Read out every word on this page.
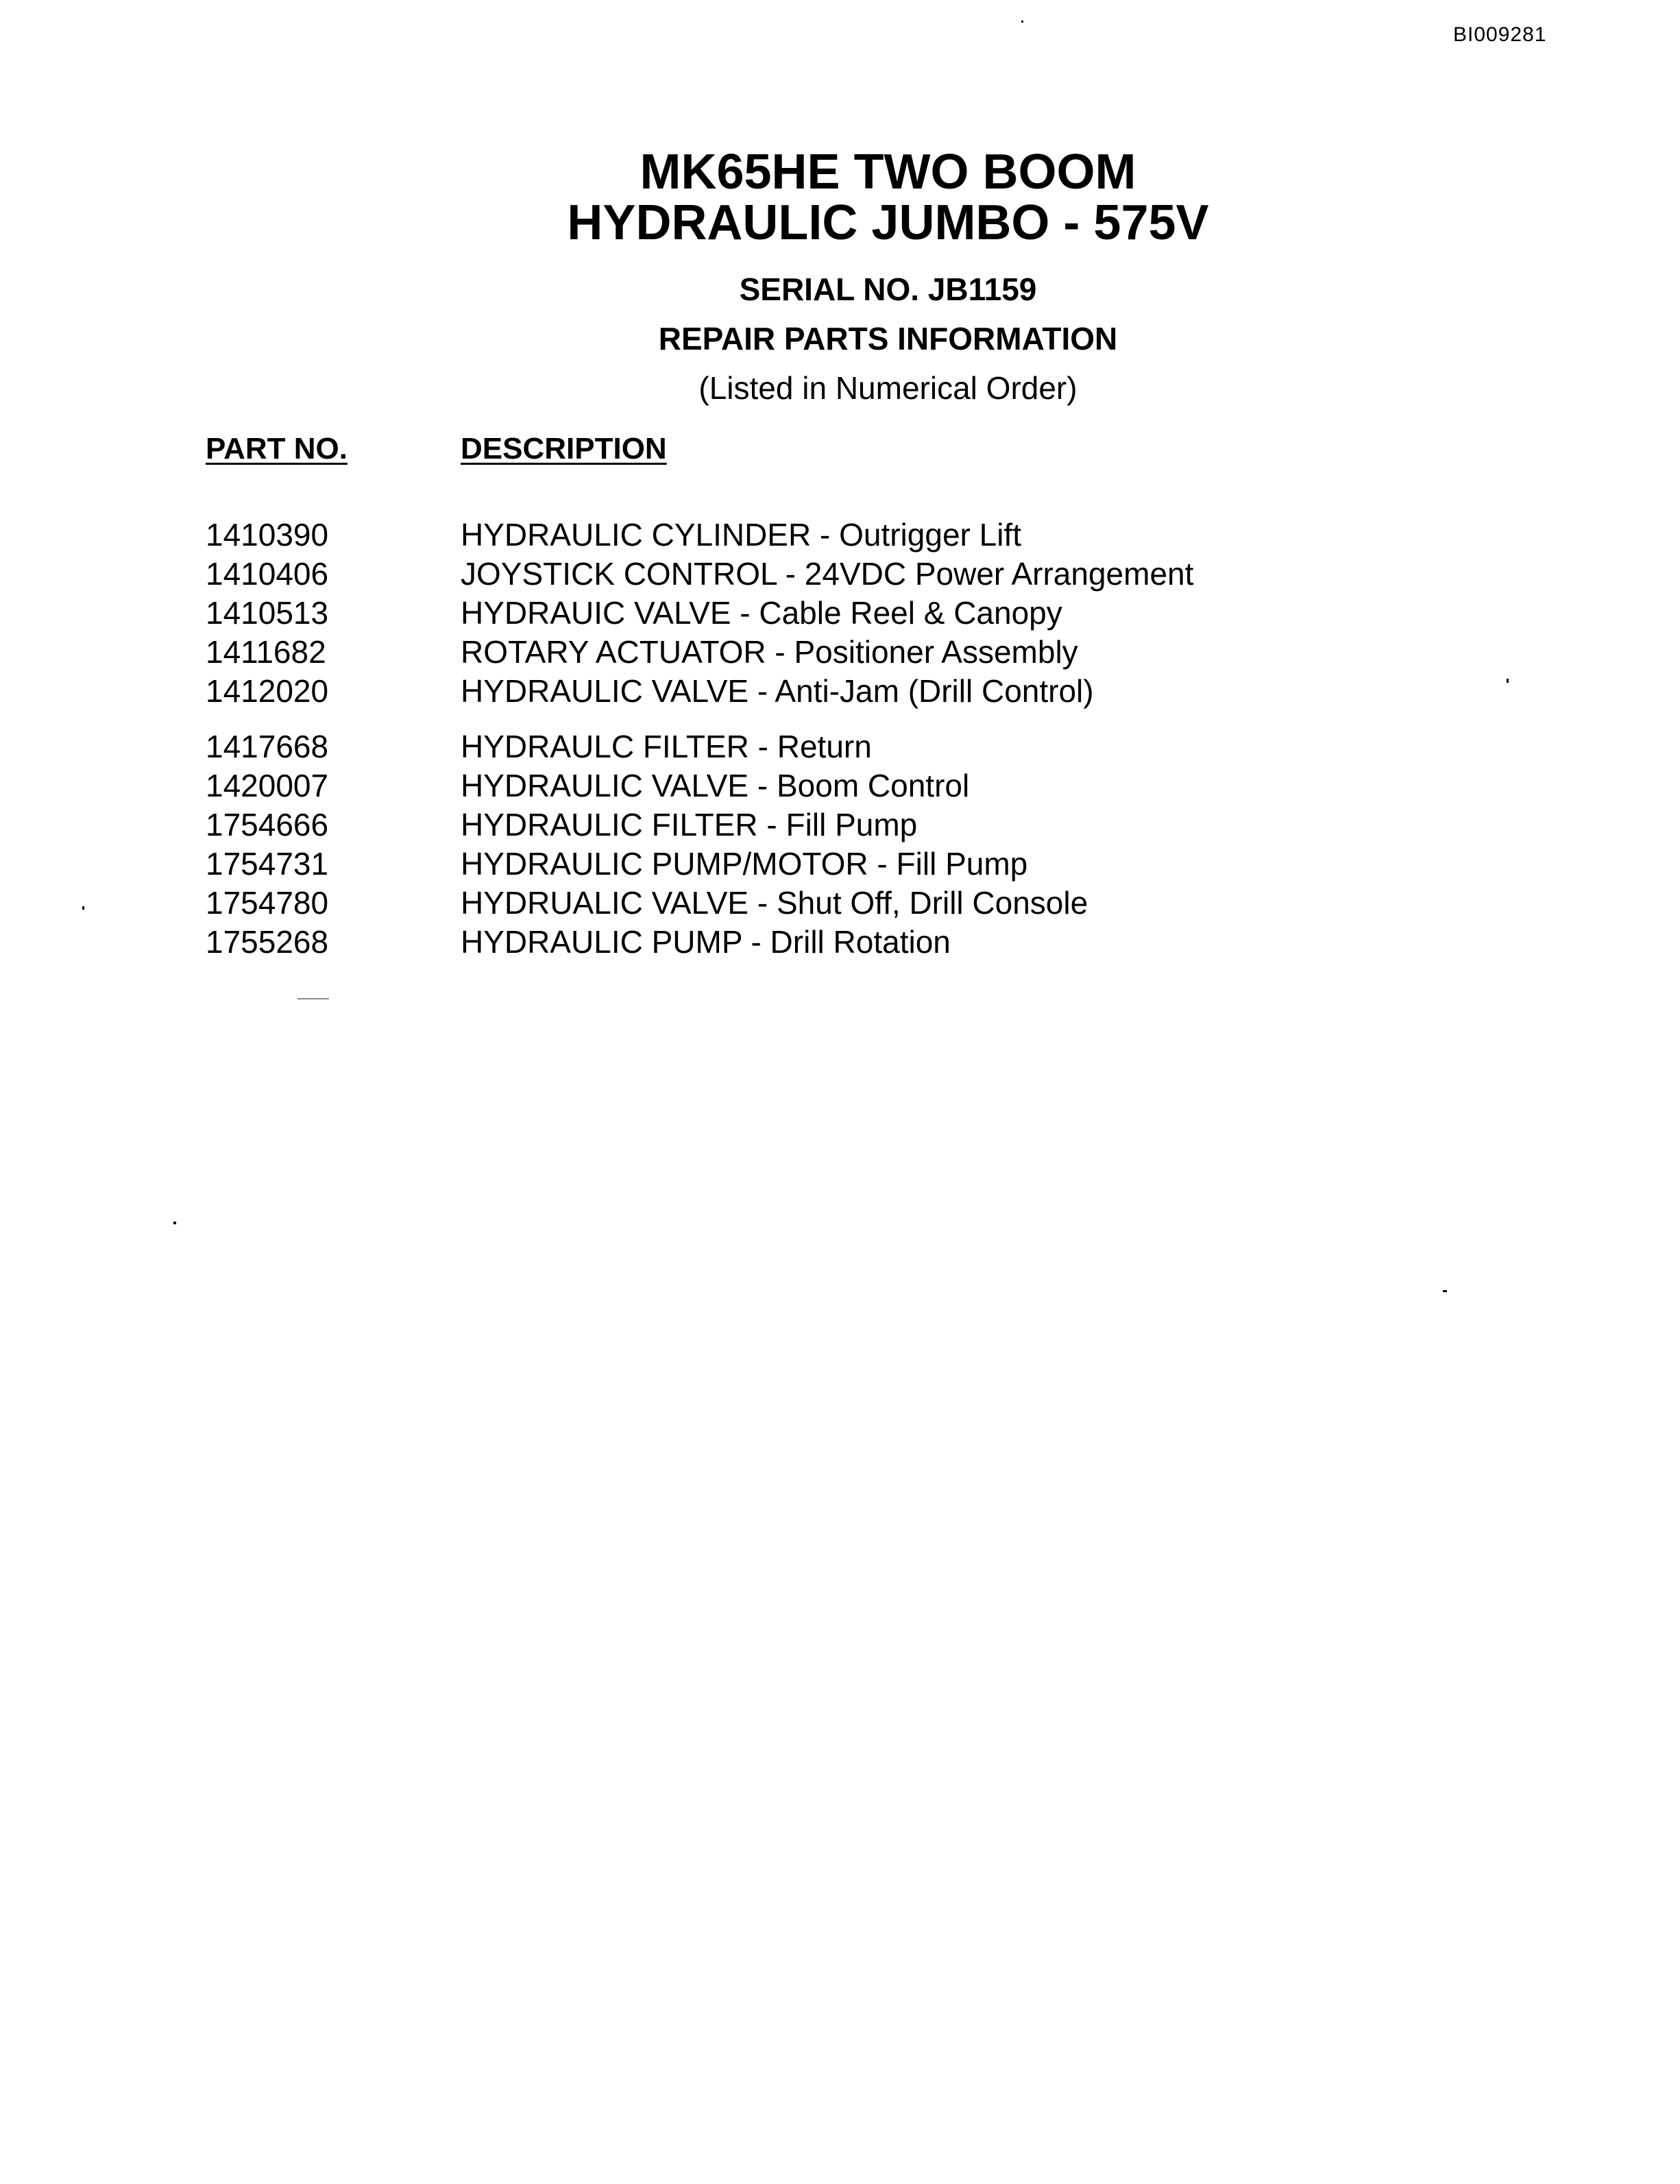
BI009281
MK65HE TWO BOOM
HYDRAULIC JUMBO - 575V
SERIAL NO. JB1159
REPAIR PARTS INFORMATION
(Listed in Numerical Order)
PART NO.	DESCRIPTION
1410390	HYDRAULIC CYLINDER - Outrigger Lift
1410406	JOYSTICK CONTROL - 24VDC Power Arrangement
1410513	HYDRAUIC VALVE - Cable Reel & Canopy
1411682	ROTARY ACTUATOR - Positioner Assembly
1412020	HYDRAULIC VALVE - Anti-Jam (Drill Control)
1417668	HYDRAULC FILTER - Return
1420007	HYDRAULIC VALVE - Boom Control
1754666	HYDRAULIC FILTER - Fill Pump
1754731	HYDRAULIC PUMP/MOTOR - Fill Pump
1754780	HYDRUALIC VALVE - Shut Off, Drill Console
1755268	HYDRAULIC PUMP - Drill Rotation
